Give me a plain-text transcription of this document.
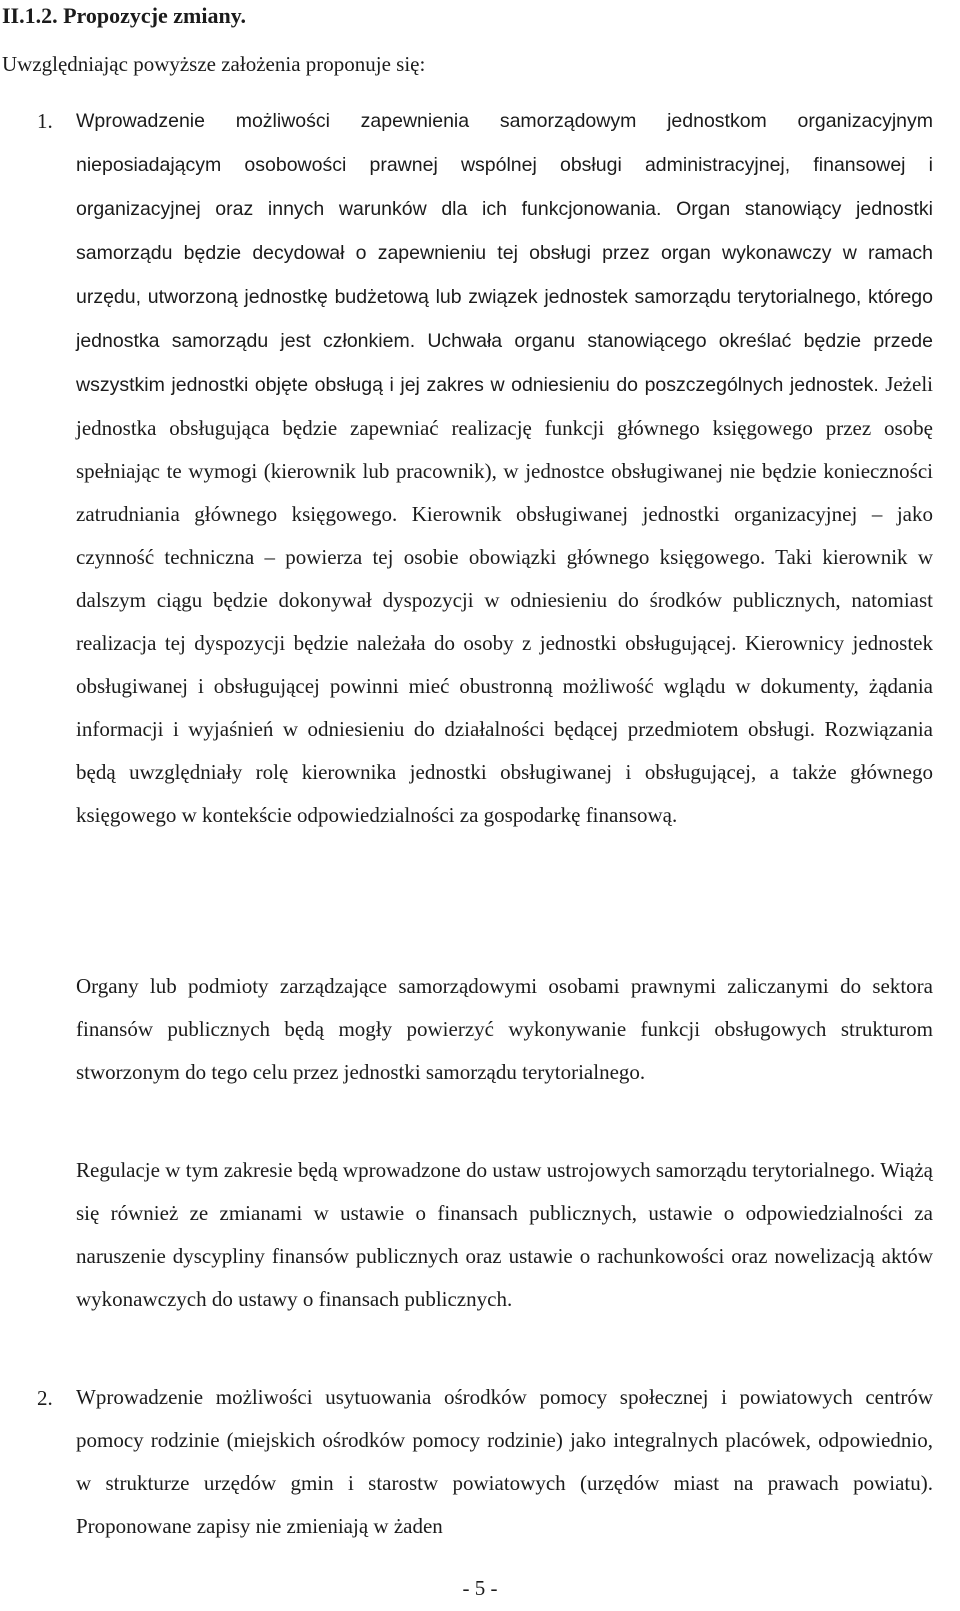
II.1.2. Propozycje zmiany.
Uwzględniając powyższe założenia proponuje się:
1. Wprowadzenie możliwości zapewnienia samorządowym jednostkom organizacyjnym nieposiadającym osobowości prawnej wspólnej obsługi administracyjnej, finansowej i organizacyjnej oraz innych warunków dla ich funkcjonowania. Organ stanowiący jednostki samorządu będzie decydował o zapewnieniu tej obsługi przez organ wykonawczy w ramach urzędu, utworzoną jednostkę budżetową lub związek jednostek samorządu terytorialnego, którego jednostka samorządu jest członkiem. Uchwała organu stanowiącego określać będzie przede wszystkim jednostki objęte obsługą i jej zakres w odniesieniu do poszczególnych jednostek. Jeżeli jednostka obsługująca będzie zapewniać realizację funkcji głównego księgowego przez osobę spełniając te wymogi (kierownik lub pracownik), w jednostce obsługiwanej nie będzie konieczności zatrudniania głównego księgowego. Kierownik obsługiwanej jednostki organizacyjnej – jako czynność techniczna – powierza tej osobie obowiązki głównego księgowego. Taki kierownik w dalszym ciągu będzie dokonywał dyspozycji w odniesieniu do środków publicznych, natomiast realizacja tej dyspozycji będzie należała do osoby z jednostki obsługującej. Kierownicy jednostek obsługiwanej i obsługującej powinni mieć obustronną możliwość wglądu w dokumenty, żądania informacji i wyjaśnień w odniesieniu do działalności będącej przedmiotem obsługi. Rozwiązania będą uwzględniały rolę kierownika jednostki obsługiwanej i obsługującej, a także głównego księgowego w kontekście odpowiedzialności za gospodarkę finansową.

Organy lub podmioty zarządzające samorządowymi osobami prawnymi zaliczanymi do sektora finansów publicznych będą mogły powierzyć wykonywanie funkcji obsługowych strukturom stworzonym do tego celu przez jednostki samorządu terytorialnego.

Regulacje w tym zakresie będą wprowadzone do ustaw ustrojowych samorządu terytorialnego. Wiążą się również ze zmianami w ustawie o finansach publicznych, ustawie o odpowiedzialności za naruszenie dyscypliny finansów publicznych oraz ustawie o rachunkowości oraz nowelizacją aktów wykonawczych do ustawy o finansach publicznych.

2. Wprowadzenie możliwości usytuowania ośrodków pomocy społecznej i powiatowych centrów pomocy rodzinie (miejskich ośrodków pomocy rodzinie) jako integralnych placówek, odpowiednio, w strukturze urzędów gmin i starostw powiatowych (urzędów miast na prawach powiatu). Proponowane zapisy nie zmieniają w żaden

- 5 -
